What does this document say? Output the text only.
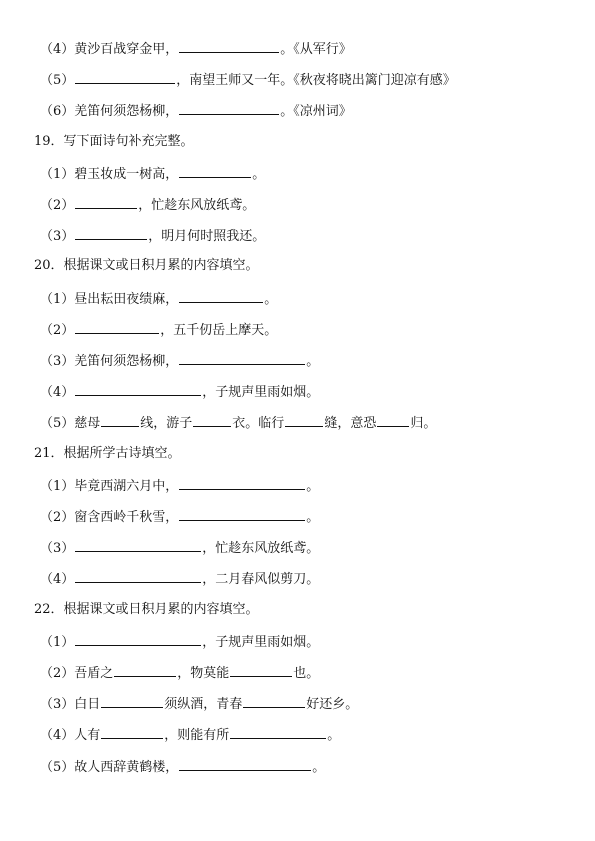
（4）黄沙百战穿金甲，	。《从军行》
（5）	，南望王师又一年。《秋夜将晓出篱门迎凉有感》
（6）羌笛何须怨杨柳，	。《凉州词》
19．写下面诗句补充完整。
（1）碧玉妆成一树高，	。
（2）	，忙趁东风放纸鸢。
（3）	，明月何时照我还。
20．根据课文或日积月累的内容填空。
（1）昼出耘田夜绩麻，	。
（2）	，五千仞岳上摩天。
（3）羌笛何须怨杨柳，	。
（4）	，子规声里雨如烟。
（5）慈母	线，游子	衣。临行	缝，意恐	归。
21．根据所学古诗填空。
（1）毕竟西湖六月中，	。
（2）窗含西岭千秋雪，	。
（3）	，忙趁东风放纸鸢。
（4）	，二月春风似剪刀。
22．根据课文或日积月累的内容填空。
（1）	，子规声里雨如烟。
（2）吾盾之	，物莫能	也。
（3）白日	须纵酒，青春	好还乡。
（4）人有	，则能有所	。
（5）故人西辞黄鹤楼，	。
